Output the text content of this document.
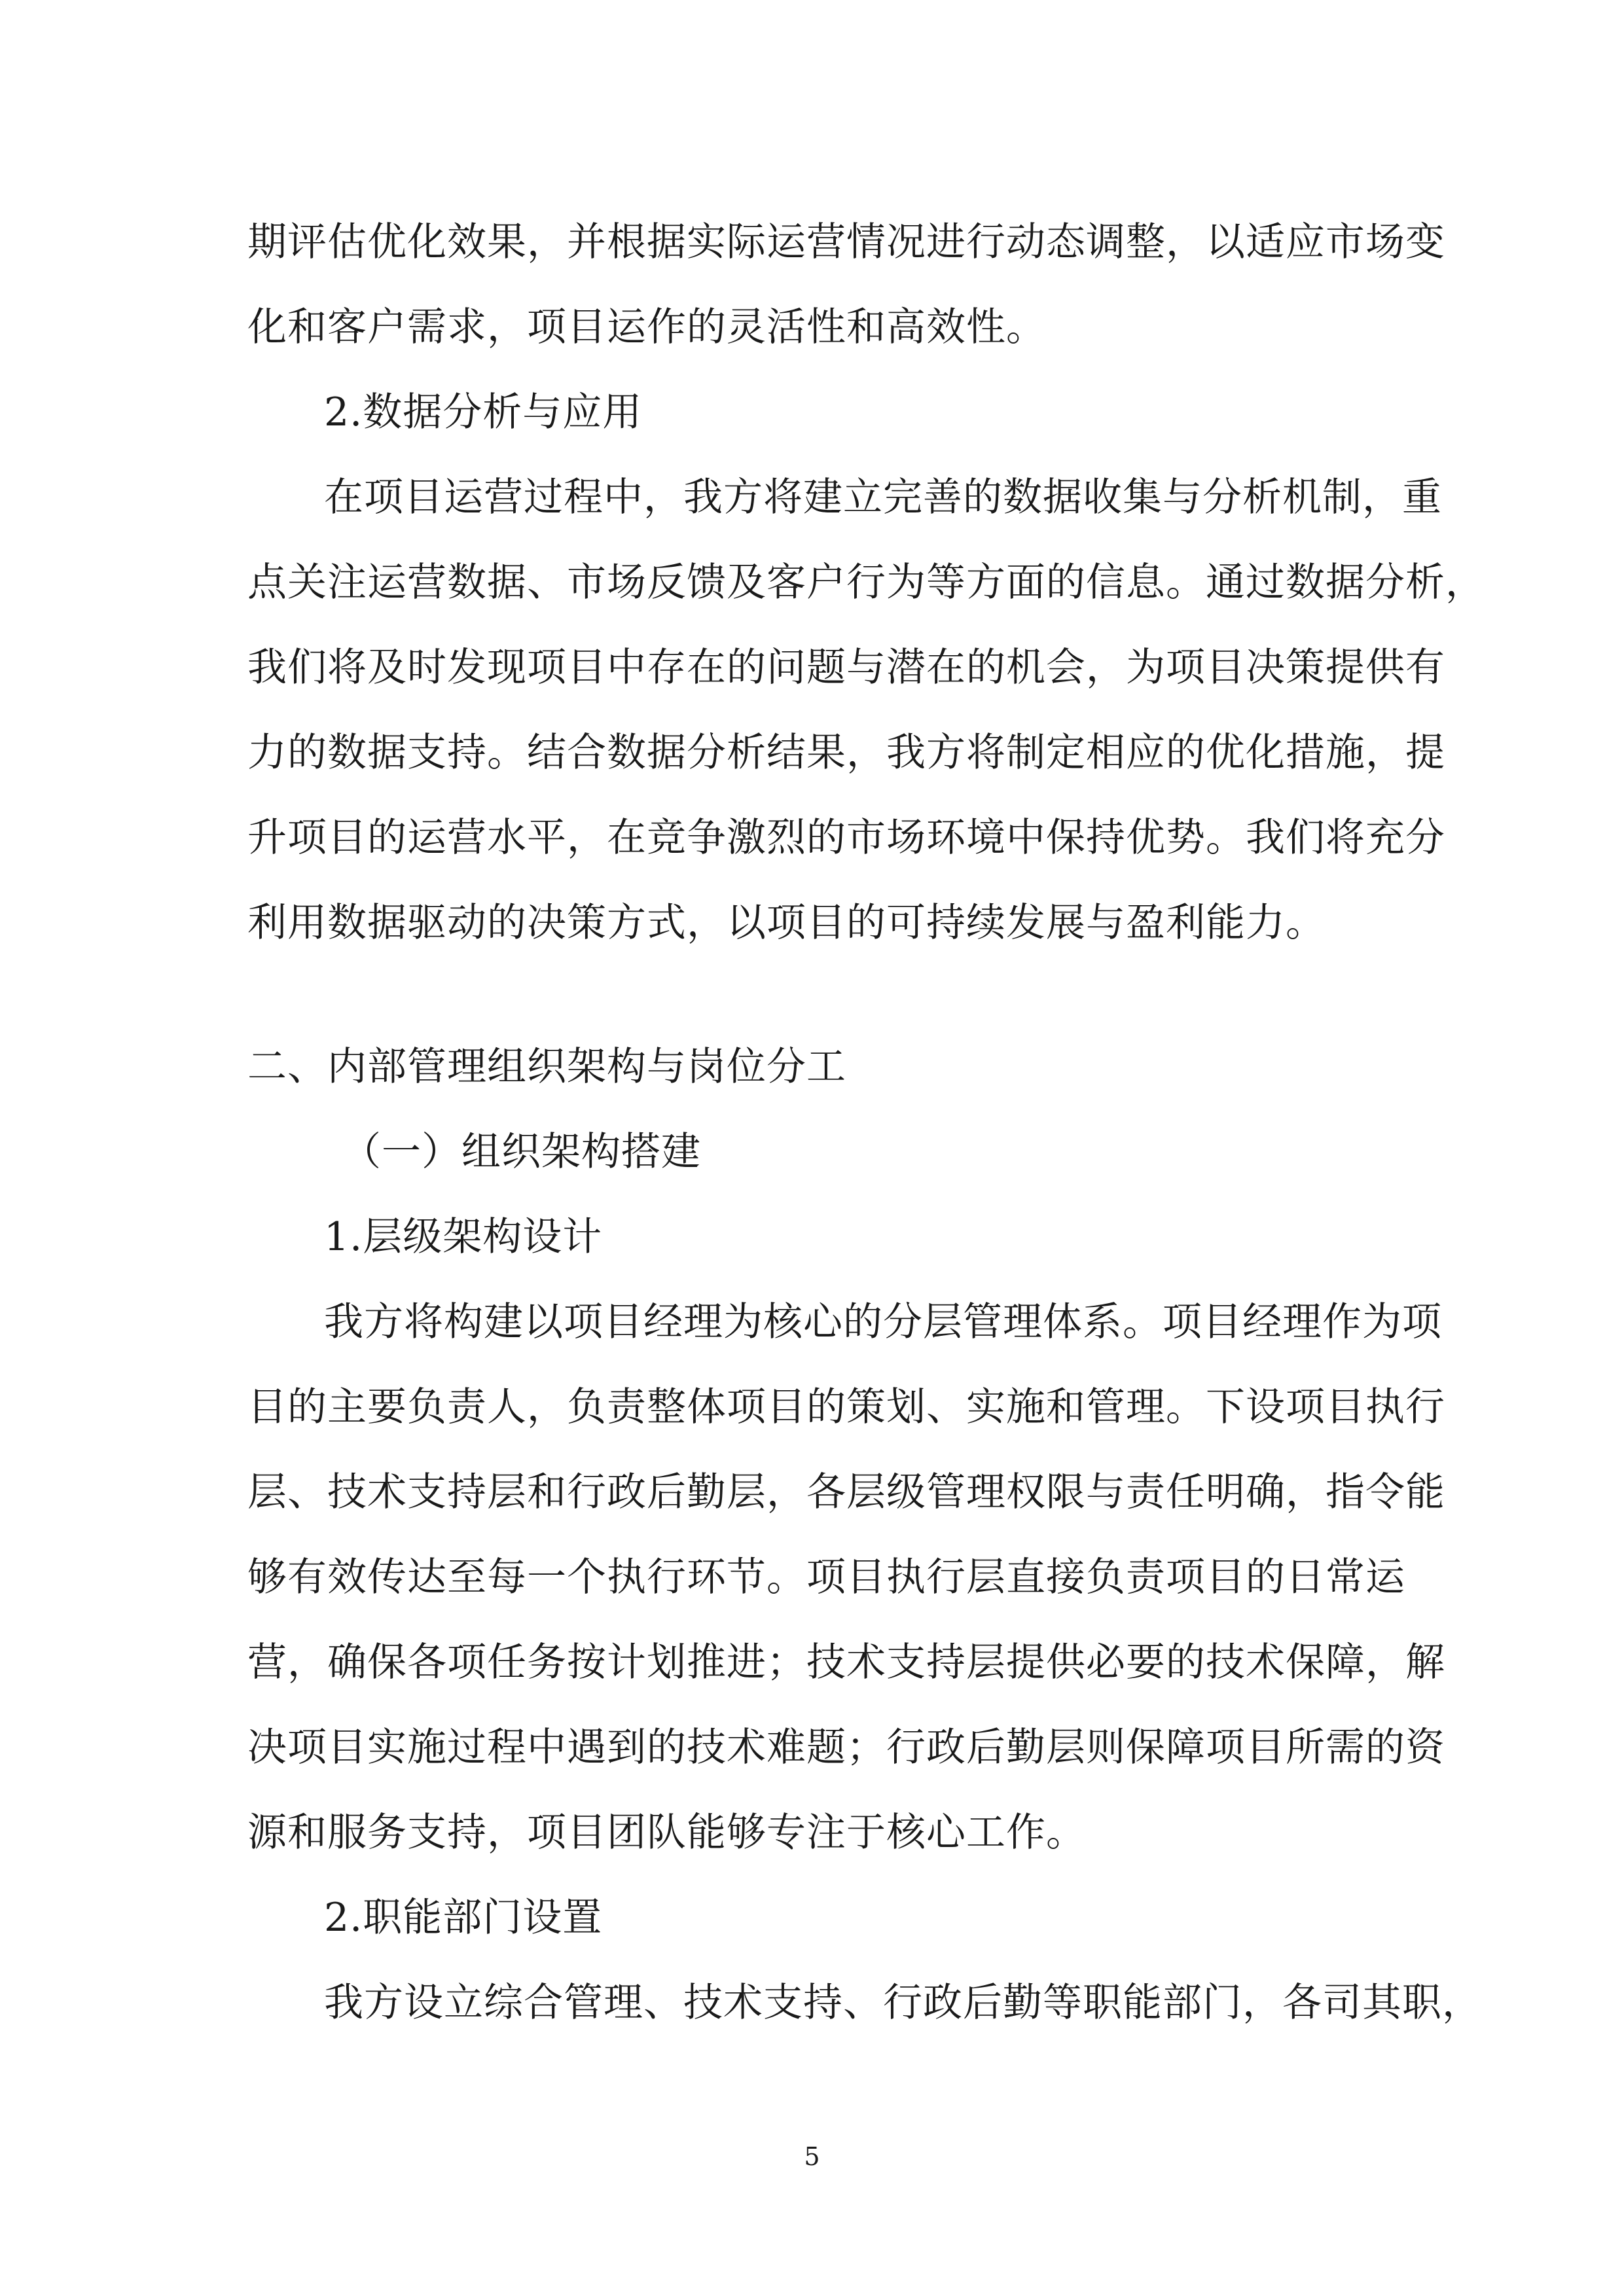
期评估优化效果，并根据实际运营情况进行动态调整，以适应市场变
化和客户需求，项目运作的灵活性和高效性。
2.数据分析与应用
在项目运营过程中，我方将建立完善的数据收集与分析机制，重
点关注运营数据、市场反馈及客户行为等方面的信息。通过数据分析，
我们将及时发现项目中存在的问题与潜在的机会，为项目决策提供有
力的数据支持。结合数据分析结果，我方将制定相应的优化措施，提
升项目的运营水平，在竞争激烈的市场环境中保持优势。我们将充分
利用数据驱动的决策方式，以项目的可持续发展与盈利能力。
二、内部管理组织架构与岗位分工
（一）组织架构搭建
1.层级架构设计
我方将构建以项目经理为核心的分层管理体系。项目经理作为项
目的主要负责人，负责整体项目的策划、实施和管理。下设项目执行
层、技术支持层和行政后勤层，各层级管理权限与责任明确，指令能
够有效传达至每一个执行环节。项目执行层直接负责项目的日常运
营，确保各项任务按计划推进；技术支持层提供必要的技术保障，解
决项目实施过程中遇到的技术难题；行政后勤层则保障项目所需的资
源和服务支持，项目团队能够专注于核心工作。
2.职能部门设置
我方设立综合管理、技术支持、行政后勤等职能部门，各司其职，
5
